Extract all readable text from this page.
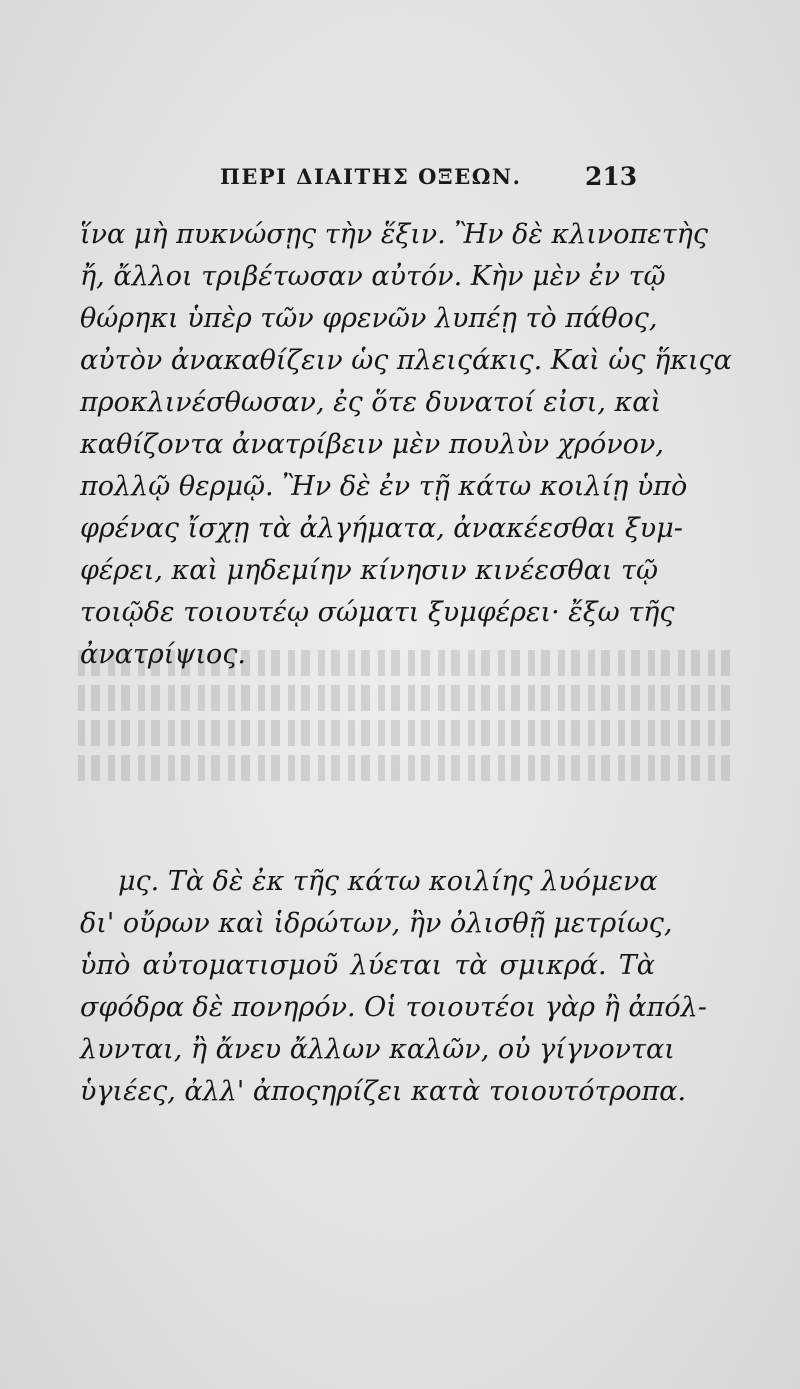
ΠΕΡΙ ΔΙΑΙΤΗΣ ΟΞΕΩΝ.	213
ἵνα μὴ πυκνώσῃς τὴν ἕξιν. Ἢν δὲ κλινοπετὴς
ἤ, ἄλλοι τριβέτωσαν αὐτόν. Κὴν μὲν ἐν τῷ
θώρηκι ὑπὲρ τῶν φρενῶν λυπέῃ τὸ πάθος,
αὐτὸν ἀνακαθίζειν ὡς πλειςάκις. Καὶ ὡς ἥκιςα
προκλινέσθωσαν, ἐς ὅτε δυνατοί εἰσι, καὶ
καθίζοντα ἀνατρίβειν μὲν πουλὺν χρόνον,
πολλῷ θερμῷ. Ἢν δὲ ἐν τῇ κάτω κοιλίῃ ὑπὸ
φρένας ἴσχῃ τὰ ἀλγήματα, ἀνακέεσθαι ξυμ-
φέρει, καὶ μηδεμίην κίνησιν κινέεσθαι τῷ
τοιῷδε τοιουτέῳ σώματι ξυμφέρει· ἔξω τῆς
ἀνατρίψιος.
μς. Τὰ δὲ ἐκ τῆς κάτω κοιλίης λυόμενα
δι' οὔρων καὶ ἱδρώτων, ἢν ὀλισθῇ μετρίως,
ὑπὸ αὐτοματισμοῦ λύεται τὰ σμικρά. Τὰ
σφόδρα δὲ πονηρόν. Οἱ τοιουτέοι γὰρ ἢ ἀπόλ-
λυνται, ἢ ἄνευ ἄλλων καλῶν, οὐ γίγνονται
ὑγιέες, ἀλλ' ἀποςηρίζει κατὰ τοιουτότροπα.
